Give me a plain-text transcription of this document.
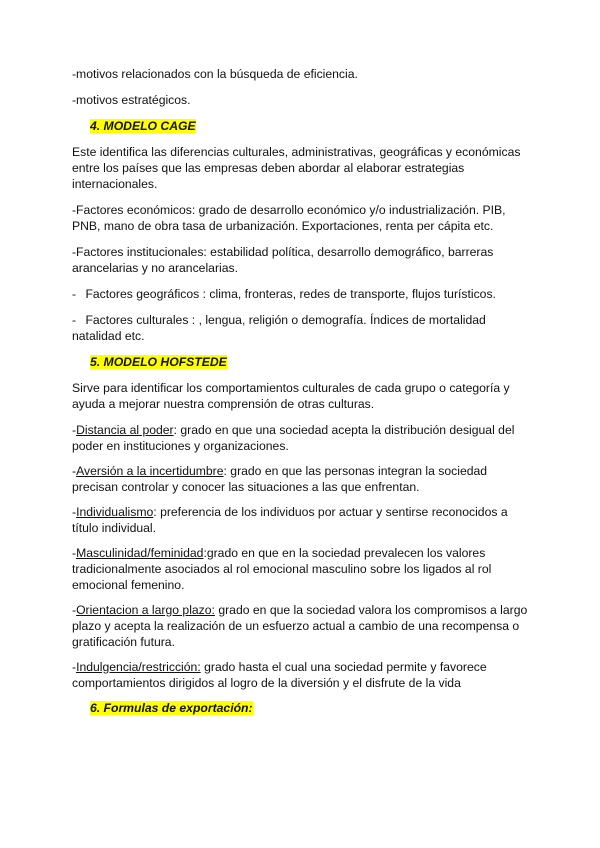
-motivos relacionados con la búsqueda de eficiencia.

-motivos estratégicos.

4. MODELO CAGE

Este identifica las diferencias culturales, administrativas, geográficas y económicas entre los países que las empresas deben abordar al elaborar estrategias internacionales.

-Factores económicos: grado de desarrollo económico y/o industrialización. PIB, PNB, mano de obra tasa de urbanización. Exportaciones, renta per cápita etc.

-Factores institucionales: estabilidad política, desarrollo demográfico, barreras arancelarias y no arancelarias.

- Factores geográficos : clima, fronteras, redes de transporte, flujos turísticos.

- Factores culturales : , lengua, religión o demografía. Índices de mortalidad natalidad etc.

5. MODELO HOFSTEDE

Sirve para identificar los comportamientos culturales de cada grupo o categoría y ayuda a mejorar nuestra comprensión de otras culturas.

-Distancia al poder: grado en que una sociedad acepta la distribución desigual del poder en instituciones y organizaciones.

-Aversión a la incertidumbre: grado en que las personas integran la sociedad precisan controlar y conocer las situaciones a las que enfrentan.

-Individualismo: preferencia de los individuos por actuar y sentirse reconocidos a título individual.

-Masculinidad/feminidad:grado en que en la sociedad prevalecen los valores tradicionalmente asociados al rol emocional masculino sobre los ligados al rol emocional femenino.

-Orientacion a largo plazo: grado en que la sociedad valora los compromisos a largo plazo y acepta la realización de un esfuerzo actual a cambio de una recompensa o gratificación futura.

-Indulgencia/restricción: grado hasta el cual una sociedad permite y favorece comportamientos dirigidos al logro de la diversión y el disfrute de la vida

6. Formulas de exportación:
